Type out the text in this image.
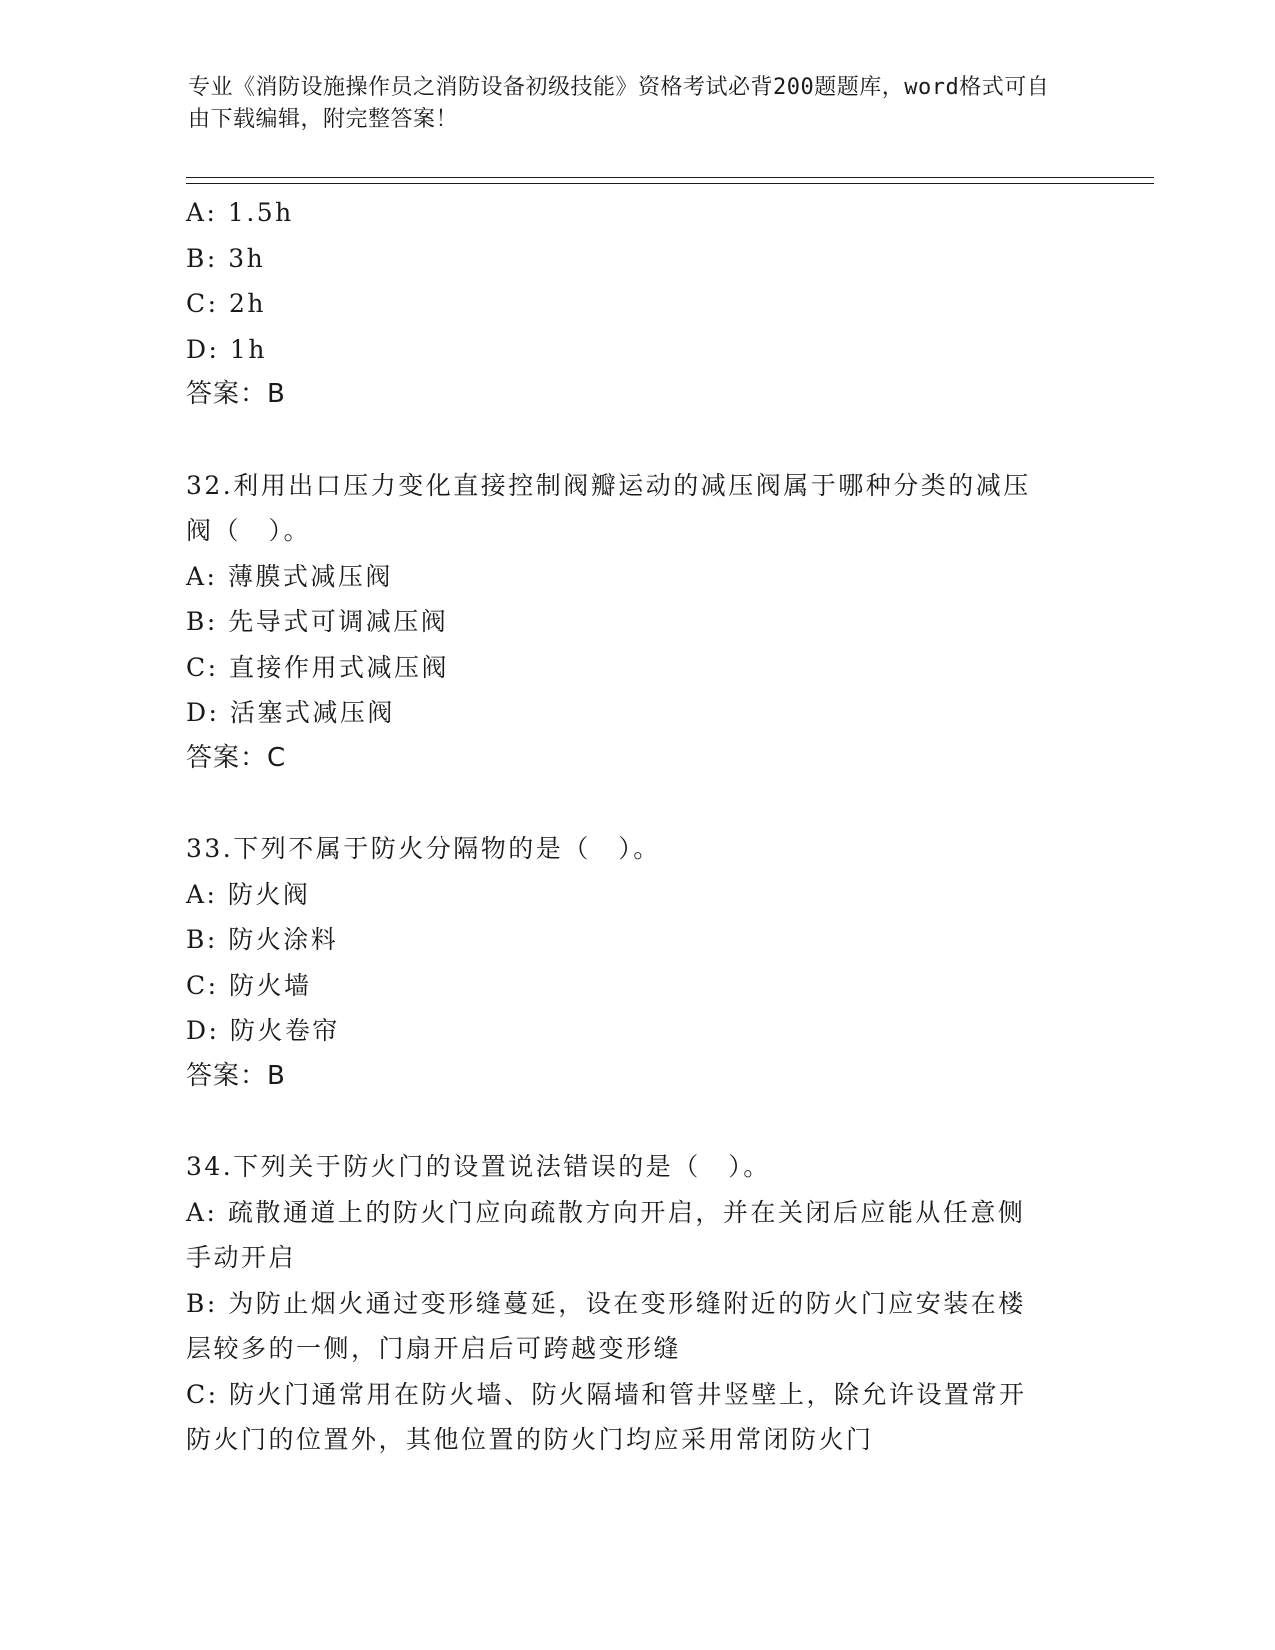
专业《消防设施操作员之消防设备初级技能》资格考试必背200题题库，word格式可自由下载编辑，附完整答案！
A: 1.5h
B: 3h
C: 2h
D: 1h
答案：B
32.利用出口压力变化直接控制阀瓣运动的减压阀属于哪种分类的减压
阀（　）。
A: 薄膜式减压阀
B: 先导式可调减压阀
C: 直接作用式减压阀
D: 活塞式减压阀
答案：C
33.下列不属于防火分隔物的是（　）。
A: 防火阀
B: 防火涂料
C: 防火墙
D: 防火卷帘
答案：B
34.下列关于防火门的设置说法错误的是（　）。
A: 疏散通道上的防火门应向疏散方向开启，并在关闭后应能从任意侧
手动开启
B: 为防止烟火通过变形缝蔓延，设在变形缝附近的防火门应安装在楼
层较多的一侧，门扇开启后可跨越变形缝
C: 防火门通常用在防火墙、防火隔墙和管井竖壁上，除允许设置常开
防火门的位置外，其他位置的防火门均应采用常闭防火门
